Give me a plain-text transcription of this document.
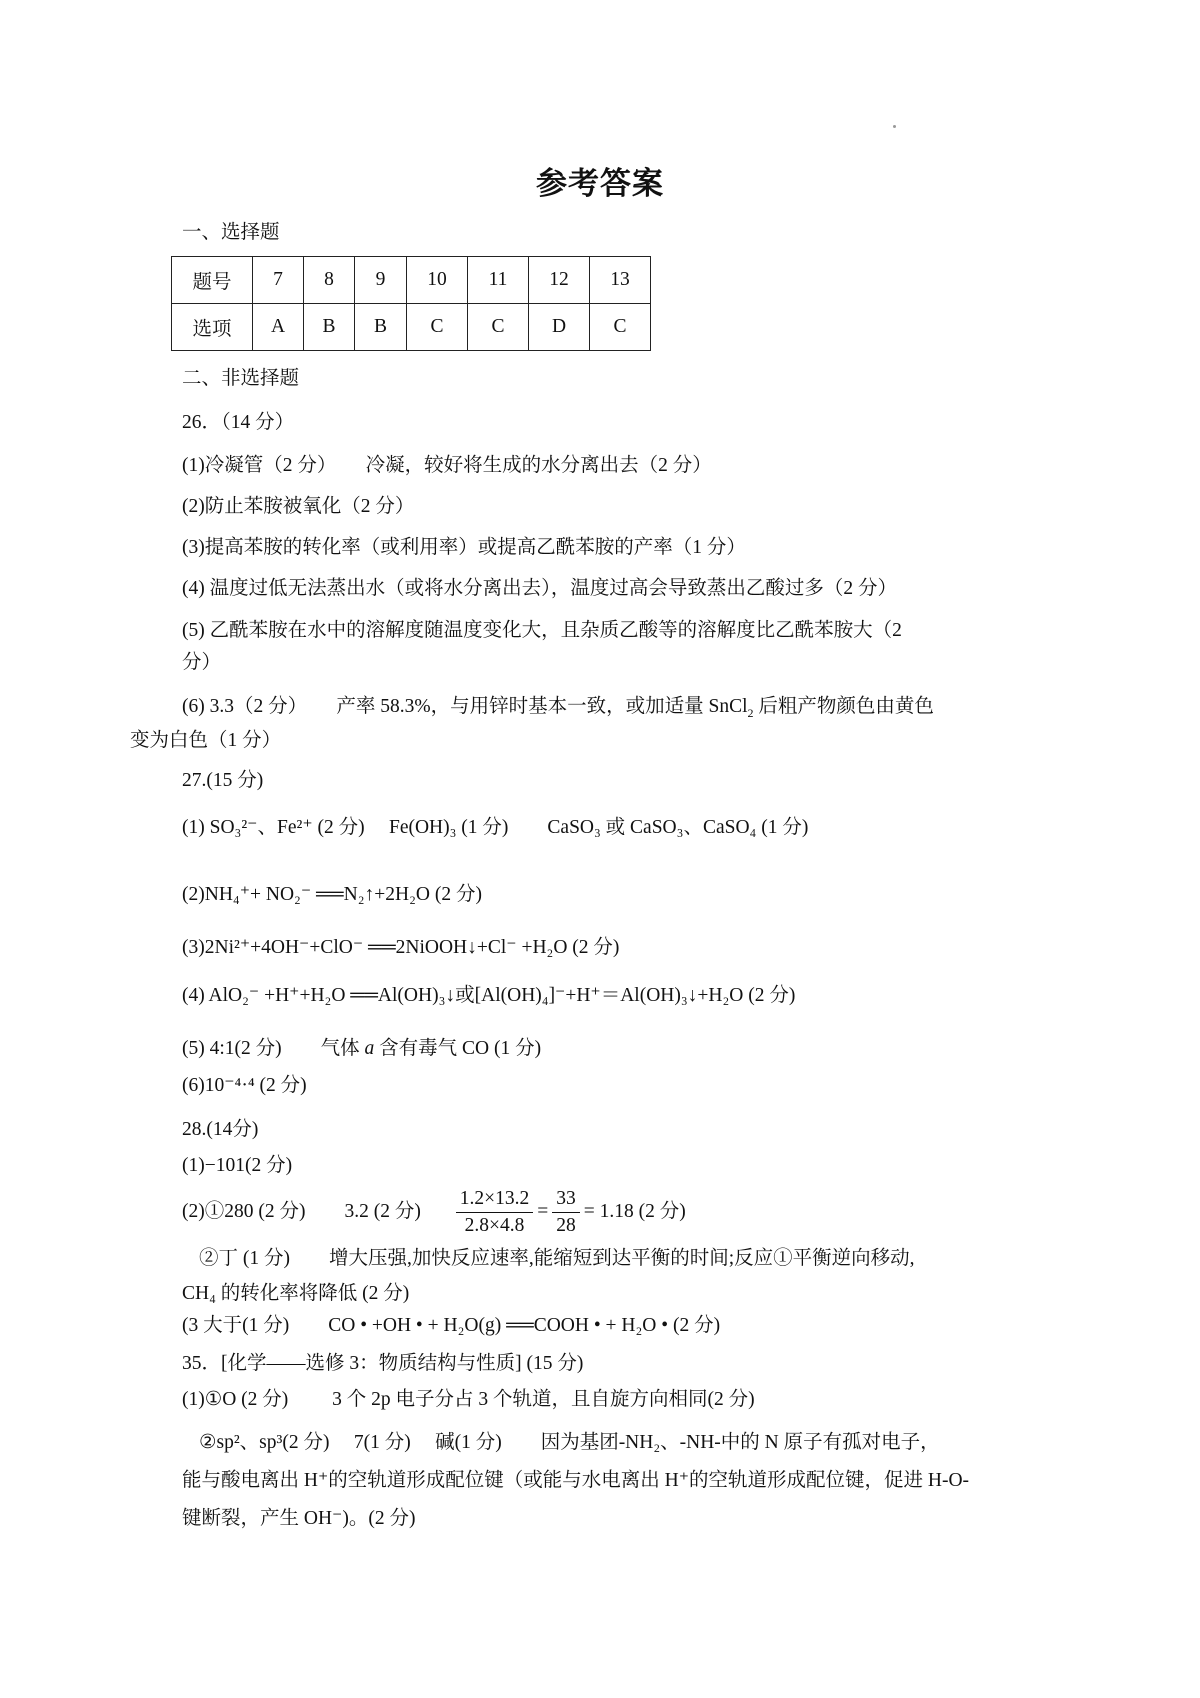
参考答案
一、选择题
题号	7	8	9	10	11	12	13
选项	A	B	B	C	C	D	C
二、非选择题
26．（14 分）
(1)冷凝管（2 分）　　冷凝，较好将生成的水分离出去（2 分）
(2)防止苯胺被氧化（2 分）
(3)提高苯胺的转化率（或利用率）或提高乙酰苯胺的产率（1 分）
(4) 温度过低无法蒸出水（或将水分离出去），温度过高会导致蒸出乙酸过多（2 分）
(5) 乙酰苯胺在水中的溶解度随温度变化大，且杂质乙酸等的溶解度比乙酰苯胺大（2
分）
(6) 3.3（2 分）　　产率 58.3%，与用锌时基本一致，或加适量 SnCl$_2$ 后粗产物颜色由黄色
变为白色（1 分）
27.(15 分)
(1) SO₃²⁻、Fe²⁺ (2 分)　 Fe(OH)₃ (1 分)　　CaSO₃ 或 CaSO₃、CaSO₄ (1 分)
(2)NH₄⁺+ NO₂⁻ ══N₂↑+2H₂O (2 分)
(3)2Ni²⁺+4OH⁻+ClO⁻ ══2NiOOH↓+Cl⁻ +H₂O (2 分)
(4) AlO₂⁻ +H⁺+H₂O ══Al(OH)₃↓或[Al(OH)₄]⁻+H⁺＝Al(OH)₃↓+H₂O (2 分)
(5) 4:1(2 分)　　气体 a 含有毒气 CO (1 分)
(6)10⁻⁴·⁴ (2 分)
28.(14分)
(1)−101(2 分)
(2)①280 (2 分)　　3.2 (2 分) $\frac{1.2\times 13.2}{2.8\times 4.8} = \frac{33}{28} = 1.18$ (2 分)
②丁 (1 分)　　增大压强,加快反应速率,能缩短到达平衡的时间;反应①平衡逆向移动,
CH₄ 的转化率将降低 (2 分)
(3 大于(1 分)　　CO • +OH • + H₂O(g) ══COOH • + H₂O • (2 分)
35．[化学——选修 3：物质结构与性质] (15 分)
(1)①O (2 分)　　 3 个 2p 电子分占 3 个轨道，且自旋方向相同(2 分)
②sp²、sp³(2 分)　 7(1 分)　 碱(1 分)　　因为基团-NH₂、-NH-中的 N 原子有孤对电子，
能与酸电离出 H⁺的空轨道形成配位键（或能与水电离出 H⁺的空轨道形成配位键，促进 H-O-
键断裂，产生 OH⁻)。(2 分)
